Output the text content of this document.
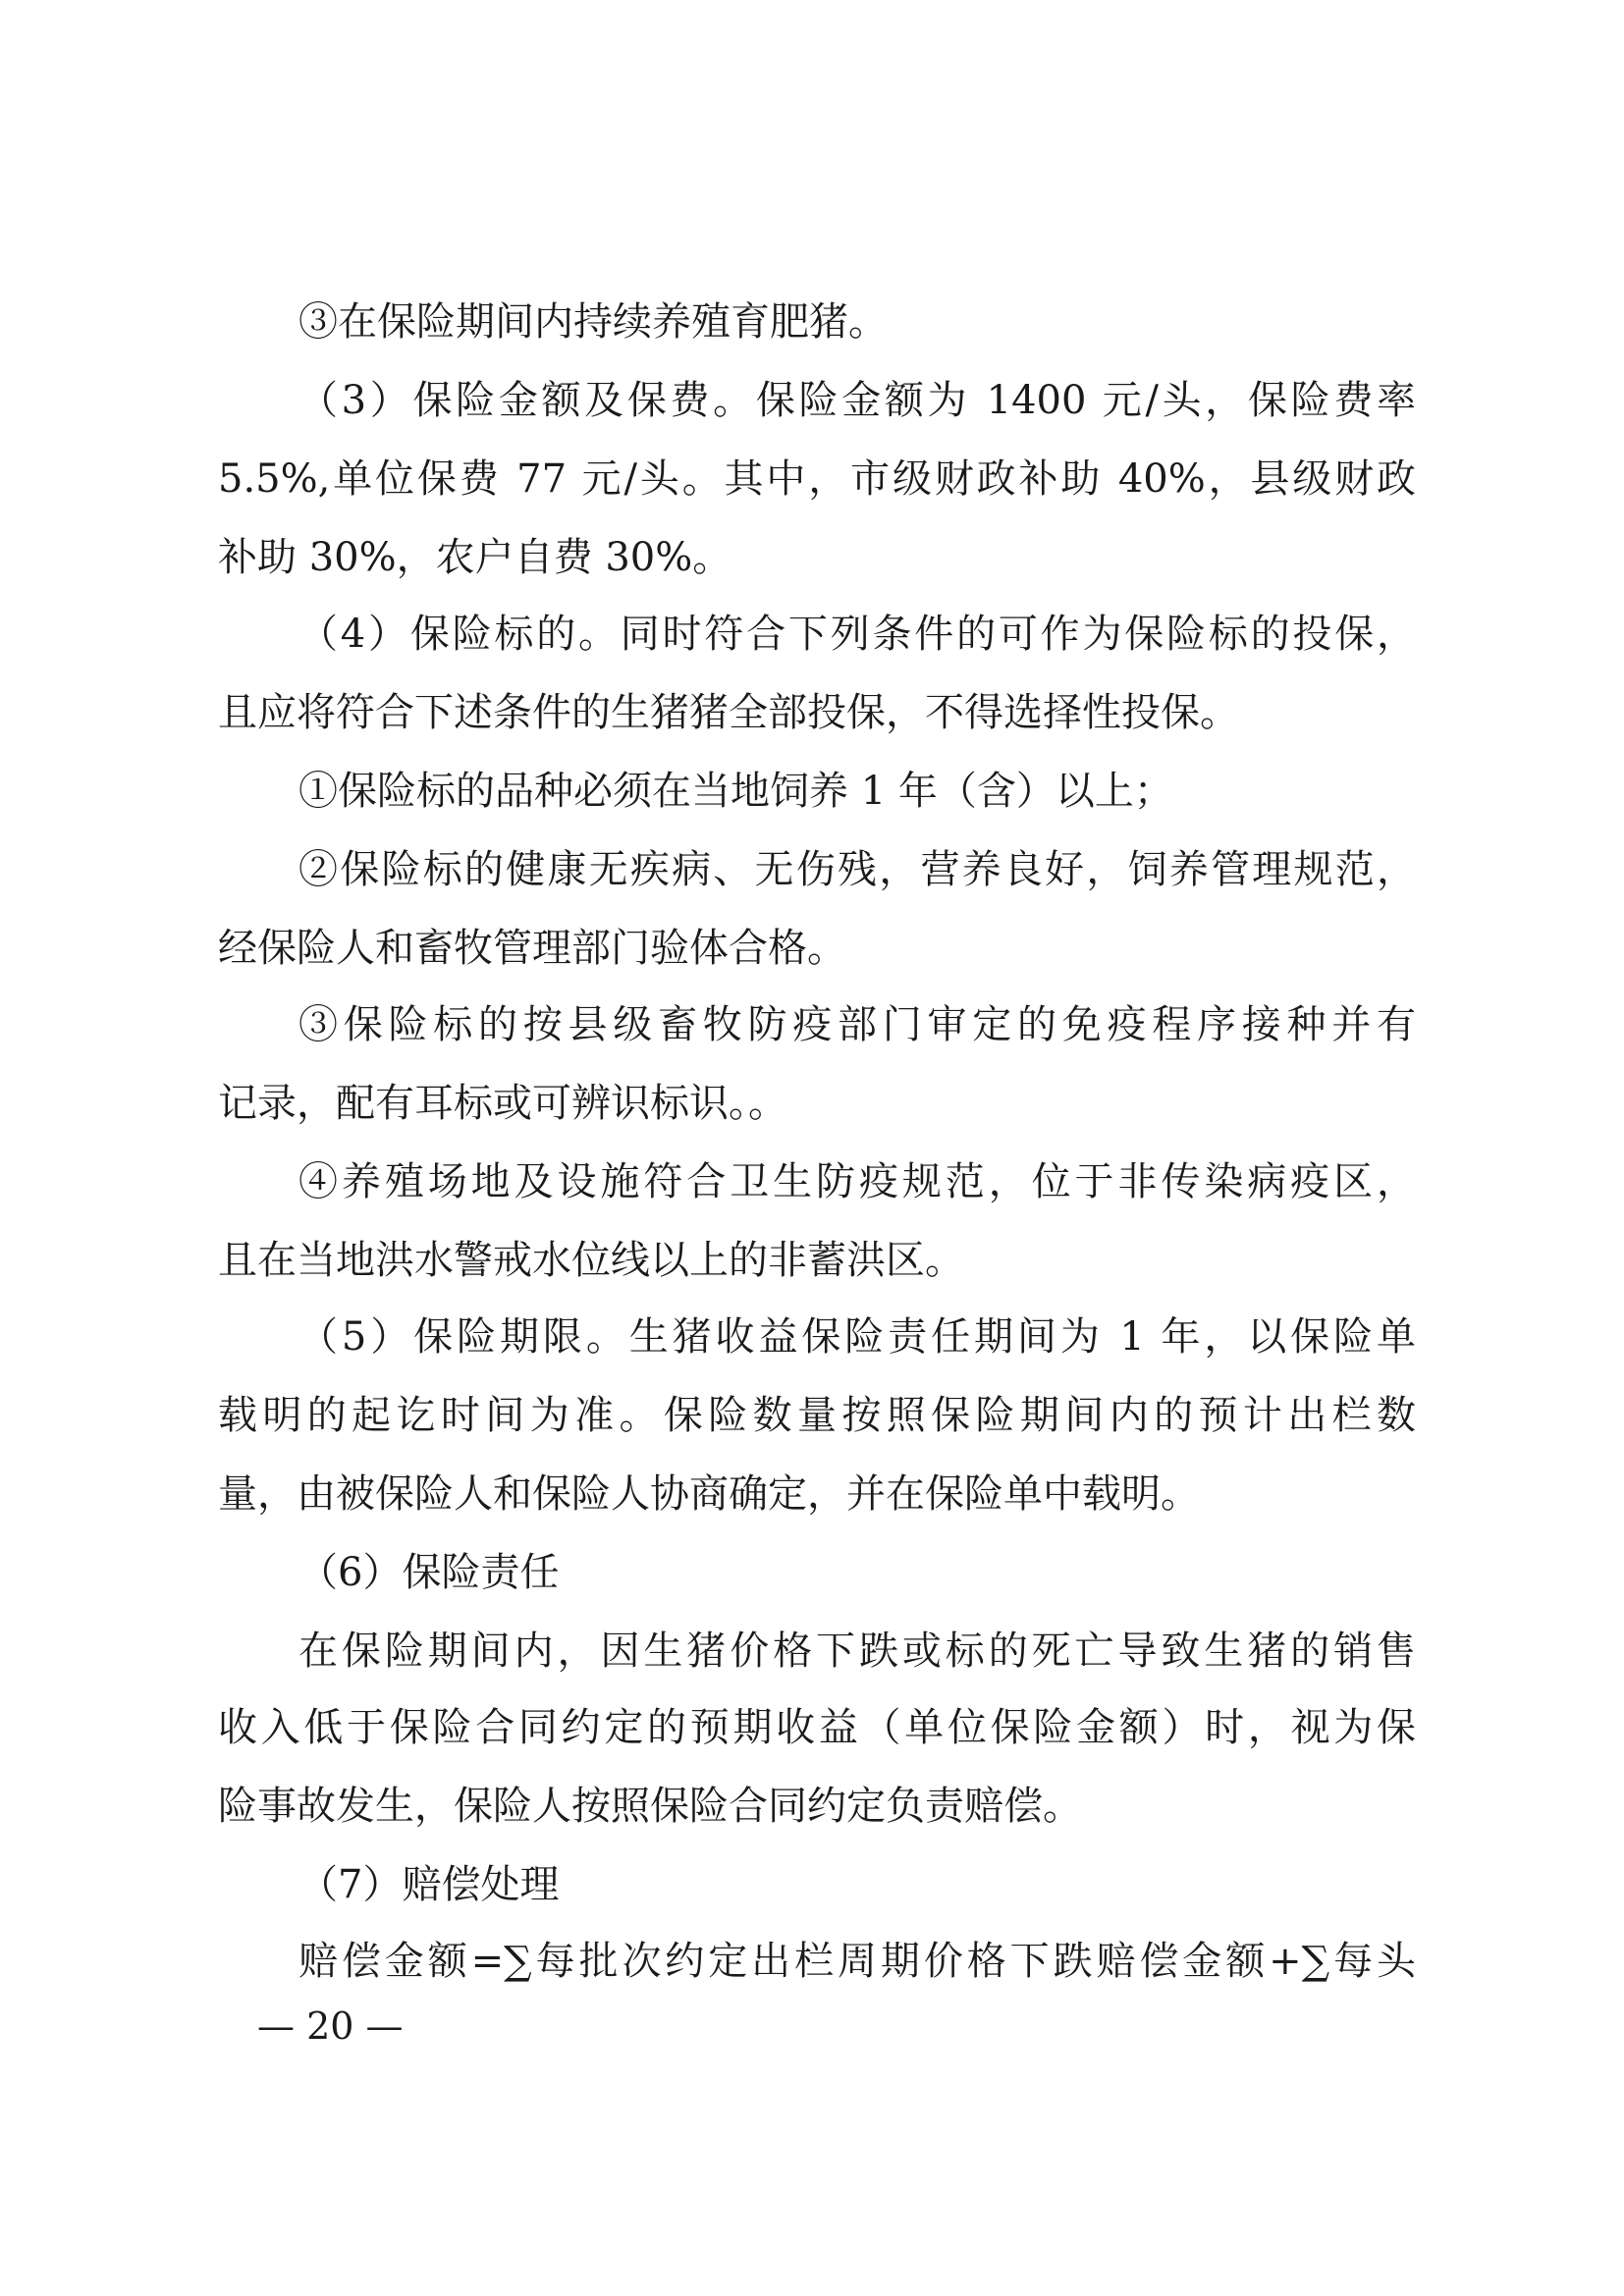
③在保险期间内持续养殖育肥猪。
（3）保险金额及保费。保险金额为 1400 元/头，保险费率
5.5%,单位保费 77 元/头。其中，市级财政补助 40%，县级财政
补助 30%，农户自费 30%。
（4）保险标的。同时符合下列条件的可作为保险标的投保，
且应将符合下述条件的生猪猪全部投保，不得选择性投保。
①保险标的品种必须在当地饲养 1 年（含）以上；
②保险标的健康无疾病、无伤残，营养良好，饲养管理规范，
经保险人和畜牧管理部门验体合格。
③保险标的按县级畜牧防疫部门审定的免疫程序接种并有
记录，配有耳标或可辨识标识。。
④养殖场地及设施符合卫生防疫规范，位于非传染病疫区，
且在当地洪水警戒水位线以上的非蓄洪区。
（5）保险期限。生猪收益保险责任期间为 1 年，以保险单
载明的起讫时间为准。保险数量按照保险期间内的预计出栏数
量，由被保险人和保险人协商确定，并在保险单中载明。
（6）保险责任
在保险期间内，因生猪价格下跌或标的死亡导致生猪的销售
收入低于保险合同约定的预期收益（单位保险金额）时，视为保
险事故发生，保险人按照保险合同约定负责赔偿。
（7）赔偿处理
赔偿金额=∑每批次约定出栏周期价格下跌赔偿金额+∑每头
— 20 —
